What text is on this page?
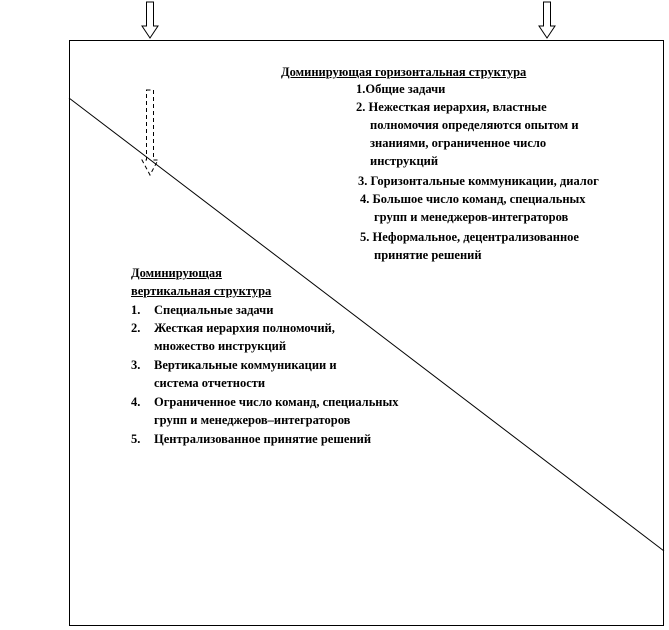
Доминирующая горизонтальная структура
1.Общие задачи
2. Нежесткая иерархия, властные
полномочия определяются опытом и
знаниями, ограниченное число
инструкций
3. Горизонтальные коммуникации, диалог
4. Большое число команд, специальных
групп и менеджеров-интеграторов
5. Неформальное, децентрализованное
принятие решений
Доминирующая
вертикальная структура
1. Специальные задачи
2. Жесткая иерархия полномочий,
множество инструкций
3. Вертикальные коммуникации и
система отчетности
4. Ограниченное число команд, специальных
групп и менеджеров–интеграторов
5. Централизованное принятие решений
